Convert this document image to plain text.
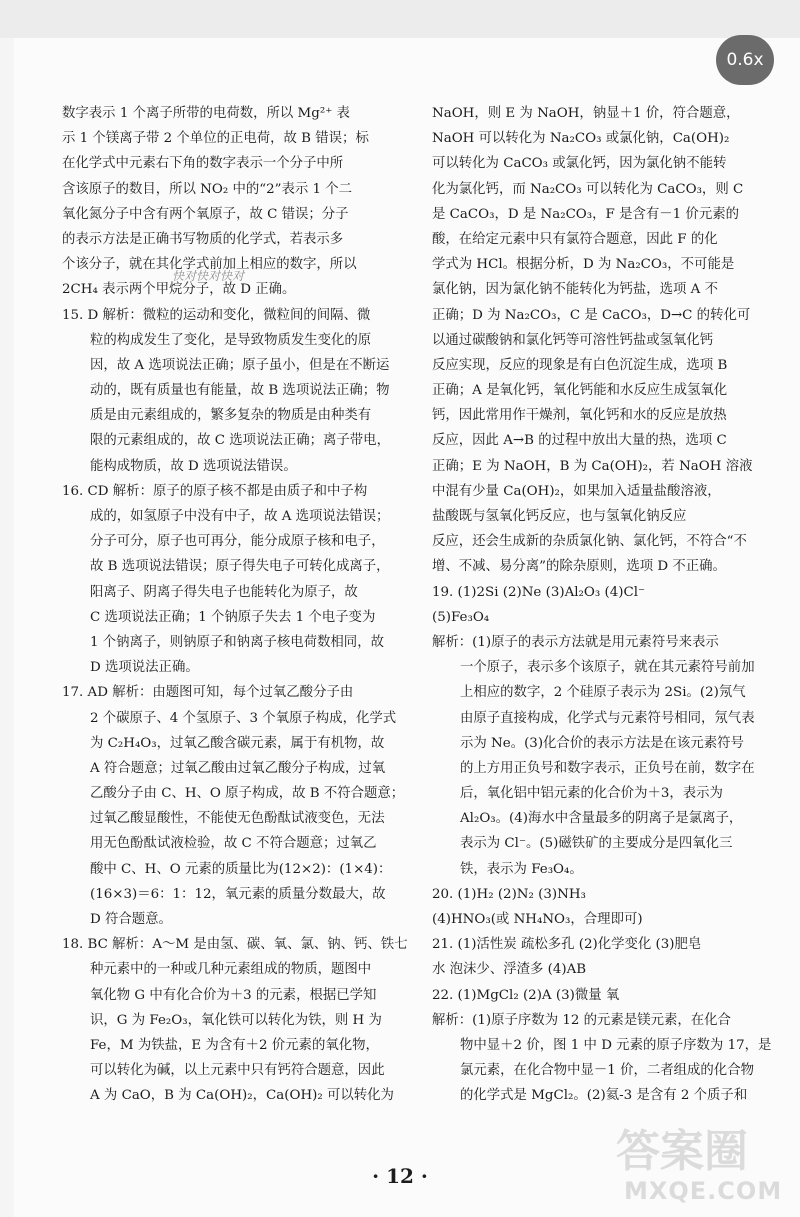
0.6x
数字表示 1 个离子所带的电荷数，所以 Mg²⁺ 表
示 1 个镁离子带 2 个单位的正电荷，故 B 错误；标
在化学式中元素右下角的数字表示一个分子中所
含该原子的数目，所以 NO₂ 中的“2”表示 1 个二
氧化氮分子中含有两个氧原子，故 C 错误；分子
的表示方法是正确书写物质的化学式，若表示多
个该分子，就在其化学式前加上相应的数字，所以
2CH₄ 表示两个甲烷分子，故 D 正确。
15. D 解析：微粒的运动和变化，微粒间的间隔、微
粒的构成发生了变化，是导致物质发生变化的原
因，故 A 选项说法正确；原子虽小，但是在不断运
动的，既有质量也有能量，故 B 选项说法正确；物
质是由元素组成的，繁多复杂的物质是由种类有
限的元素组成的，故 C 选项说法正确；离子带电，
能构成物质，故 D 选项说法错误。
16. CD 解析：原子的原子核不都是由质子和中子构
成的，如氢原子中没有中子，故 A 选项说法错误；
分子可分，原子也可再分，能分成原子核和电子，
故 B 选项说法错误；原子得失电子可转化成离子，
阳离子、阴离子得失电子也能转化为原子，故
C 选项说法正确；1 个钠原子失去 1 个电子变为
1 个钠离子，则钠原子和钠离子核电荷数相同，故
D 选项说法正确。
17. AD 解析：由题图可知，每个过氧乙酸分子由
2 个碳原子、4 个氢原子、3 个氧原子构成，化学式
为 C₂H₄O₃，过氧乙酸含碳元素，属于有机物，故
A 符合题意；过氧乙酸由过氧乙酸分子构成，过氧
乙酸分子由 C、H、O 原子构成，故 B 不符合题意；
过氧乙酸显酸性，不能使无色酚酞试液变色，无法
用无色酚酞试液检验，故 C 不符合题意；过氧乙
酸中 C、H、O 元素的质量比为(12×2)：(1×4)：
(16×3)＝6：1：12，氧元素的质量分数最大，故
D 符合题意。
18. BC 解析：A～M 是由氢、碳、氧、氯、钠、钙、铁七
种元素中的一种或几种元素组成的物质，题图中
氧化物 G 中有化合价为＋3 的元素，根据已学知
识，G 为 Fe₂O₃，氧化铁可以转化为铁，则 H 为
Fe，M 为铁盐，E 为含有＋2 价元素的氧化物，
可以转化为碱，以上元素中只有钙符合题意，因此
A 为 CaO，B 为 Ca(OH)₂，Ca(OH)₂ 可以转化为
NaOH，则 E 为 NaOH，钠显＋1 价，符合题意，
NaOH 可以转化为 Na₂CO₃ 或氯化钠，Ca(OH)₂
可以转化为 CaCO₃ 或氯化钙，因为氯化钠不能转
化为氯化钙，而 Na₂CO₃ 可以转化为 CaCO₃，则 C
是 CaCO₃，D 是 Na₂CO₃，F 是含有－1 价元素的
酸，在给定元素中只有氯符合题意，因此 F 的化
学式为 HCl。根据分析，D 为 Na₂CO₃，不可能是
氯化钠，因为氯化钠不能转化为钙盐，选项 A 不
正确；D 为 Na₂CO₃，C 是 CaCO₃，D→C 的转化可
以通过碳酸钠和氯化钙等可溶性钙盐或氢氧化钙
反应实现，反应的现象是有白色沉淀生成，选项 B
正确；A 是氧化钙，氧化钙能和水反应生成氢氧化
钙，因此常用作干燥剂，氧化钙和水的反应是放热
反应，因此 A→B 的过程中放出大量的热，选项 C
正确；E 为 NaOH，B 为 Ca(OH)₂，若 NaOH 溶液
中混有少量 Ca(OH)₂，如果加入适量盐酸溶液，
盐酸既与氢氧化钙反应，也与氢氧化钠反应
反应，还会生成新的杂质氯化钠、氯化钙，不符合“不
增、不减、易分离”的除杂原则，选项 D 不正确。
19. (1)2Si (2)Ne (3)Al₂O₃ (4)Cl⁻
(5)Fe₃O₄
解析：(1)原子的表示方法就是用元素符号来表示
一个原子，表示多个该原子，就在其元素符号前加
上相应的数字，2 个硅原子表示为 2Si。(2)氖气
由原子直接构成，化学式与元素符号相同，氖气表
示为 Ne。(3)化合价的表示方法是在该元素符号
的上方用正负号和数字表示，正负号在前，数字在
后，氧化铝中铝元素的化合价为＋3，表示为
Al₂O₃。(4)海水中含量最多的阴离子是氯离子，
表示为 Cl⁻。(5)磁铁矿的主要成分是四氧化三
铁，表示为 Fe₃O₄。
20. (1)H₂ (2)N₂ (3)NH₃
(4)HNO₃(或 NH₄NO₃，合理即可)
21. (1)活性炭 疏松多孔 (2)化学变化 (3)肥皂
水 泡沫少、浮渣多 (4)AB
22. (1)MgCl₂ (2)A (3)微量 氧
解析：(1)原子序数为 12 的元素是镁元素，在化合
物中显＋2 价，图 1 中 D 元素的原子序数为 17，是
氯元素，在化合物中显－1 价，二者组成的化合物
的化学式是 MgCl₂。(2)氦-3 是含有 2 个质子和
快对快对快对
· 12 ·	答案圈
MXQE.COM
